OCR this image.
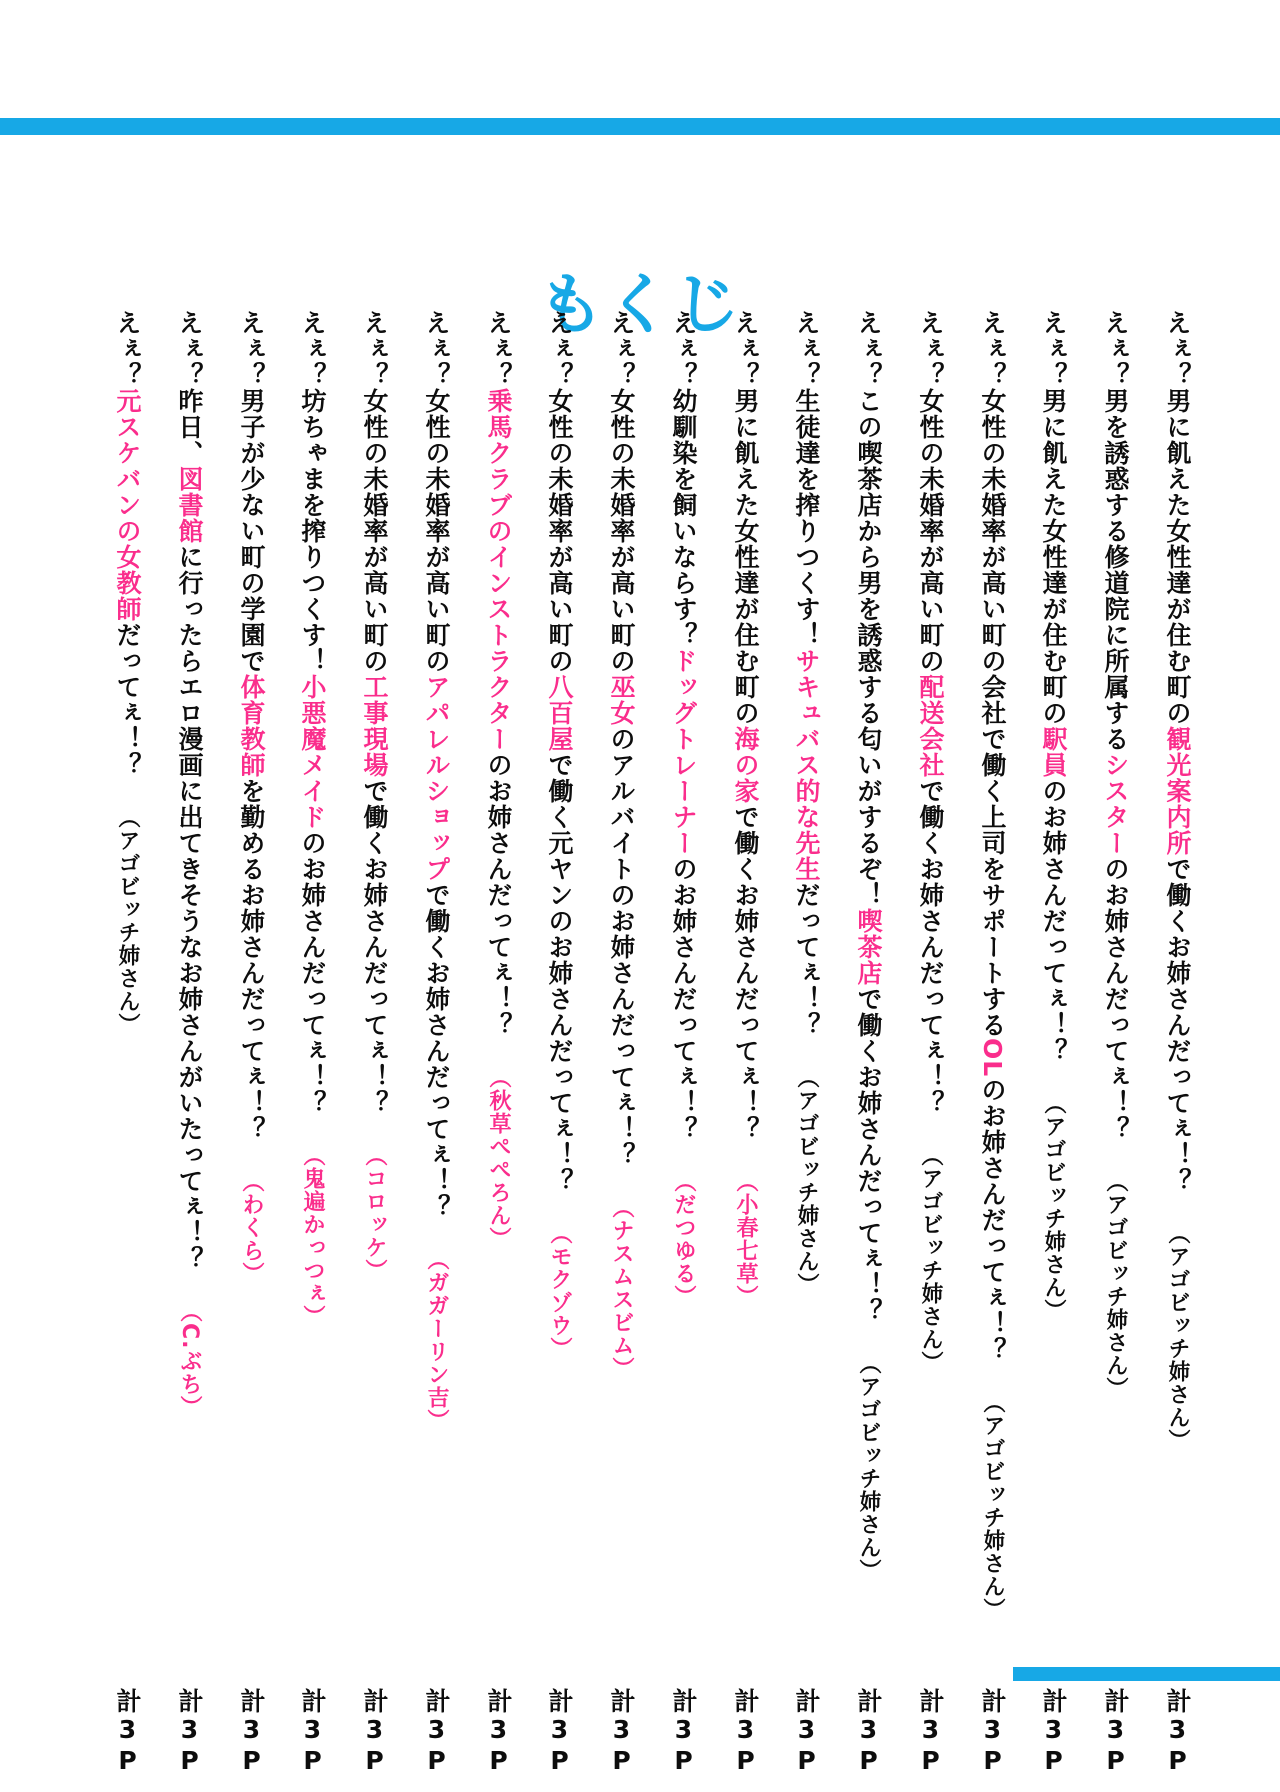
もくじ
えぇ？男に飢えた女性達が住む町の観光案内所で働くお姉さんだってぇ！？（アゴビッチ姉さん）
えぇ？男を誘惑する修道院に所属するシスターのお姉さんだってぇ！？（アゴビッチ姉さん）
えぇ？男に飢えた女性達が住む町の駅員のお姉さんだってぇ！？（アゴビッチ姉さん）
えぇ？女性の未婚率が高い町の会社で働く上司をサポートするOLのお姉さんだってぇ！？（アゴビッチ姉さん）
えぇ？女性の未婚率が高い町の配送会社で働くお姉さんだってぇ！？（アゴビッチ姉さん）
えぇ？この喫茶店から男を誘惑する匂いがするぞ！喫茶店で働くお姉さんだってぇ！？（アゴビッチ姉さん）
えぇ？生徒達を搾りつくす！サキュバス的な先生だってぇ！？（アゴビッチ姉さん）
えぇ？男に飢えた女性達が住む町の海の家で働くお姉さんだってぇ！？（小春七草）
えぇ？幼馴染を飼いならす？ドッグトレーナーのお姉さんだってぇ！？（だつゆる）
えぇ？女性の未婚率が高い町の巫女のアルバイトのお姉さんだってぇ！？（ナスムスビム）
えぇ？女性の未婚率が高い町の八百屋で働く元ヤンのお姉さんだってぇ！？（モクゾウ）
えぇ？乗馬クラブのインストラクターのお姉さんだってぇ！？（秋草ぺぺろん）
えぇ？女性の未婚率が高い町のアパレルショップで働くお姉さんだってぇ！？（ガガーリン吉）
えぇ？女性の未婚率が高い町の工事現場で働くお姉さんだってぇ！？（コロッケ）
えぇ？坊ちゃまを搾りつくす！小悪魔メイドのお姉さんだってぇ！？（鬼遍かっつぇ）
えぇ？男子が少ない町の学園で体育教師を勤めるお姉さんだってぇ！？（わくら）
えぇ？昨日、図書館に行ったらエロ漫画に出てきそうなお姉さんがいたってぇ！？（C.ぶち）
えぇ？元スケバンの女教師だってぇ！？（アゴビッチ姉さん）
計3P
計3P
計3P
計3P
計3P
計3P
計3P
計3P
計3P
計3P
計3P
計3P
計3P
計3P
計3P
計3P
計3P
計3P
